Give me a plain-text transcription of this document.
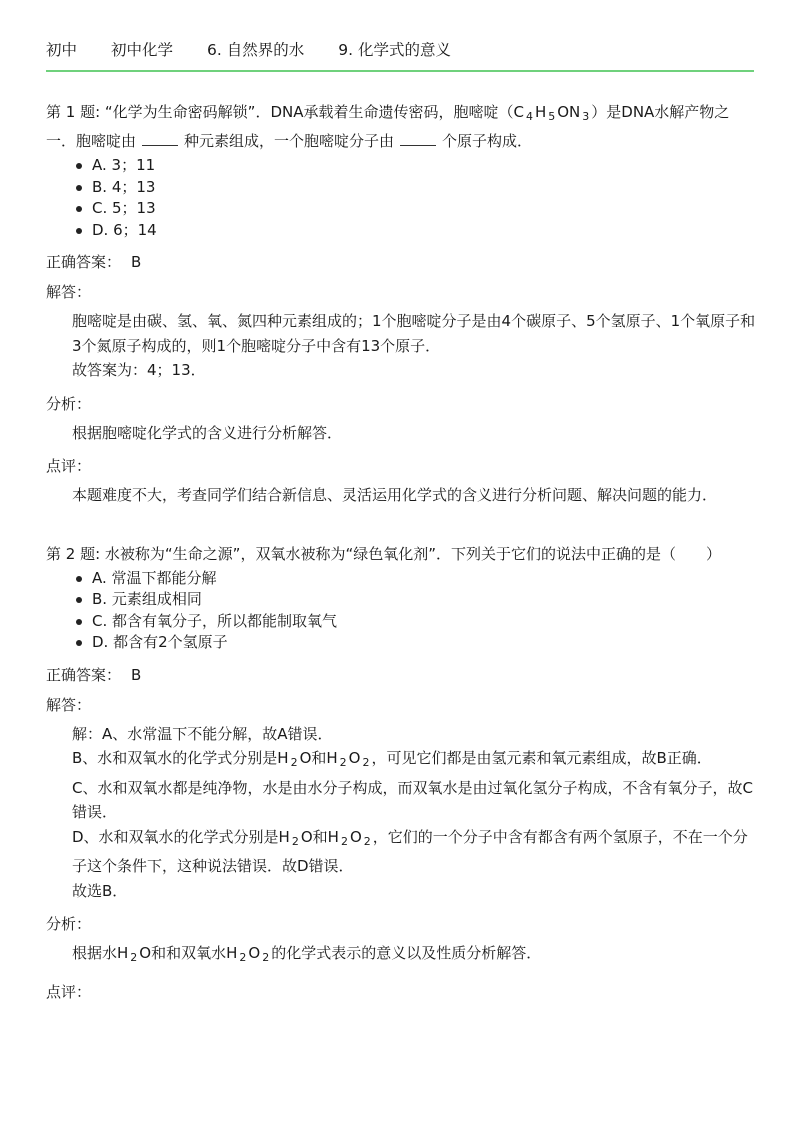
初中 初中化学 6. 自然界的水 9. 化学式的意义
第 1 题: “化学为生命密码解锁”．DNA承载着生命遗传密码，胞嘧啶（C $_4$ H $_5$ ON $_3$ ）是DNA水解产物之一．胞嘧啶由	种元素组成，一个胞嘧啶分子由	个原子构成．
A. 3；11
B. 4；13
C. 5；13
D. 6；14
正确答案： B
解答：

胞嘧啶是由碳、氢、氧、氮四种元素组成的；1个胞嘧啶分子是由4个碳原子、5个氢原子、1个氧原子和3个氮原子构成的，则1个胞嘧啶分子中含有13个原子．

故答案为：4；13．

分析：
根据胞嘧啶化学式的含义进行分析解答．
点评：
本题难度不大，考查同学们结合新信息、灵活运用化学式的含义进行分析问题、解决问题的能力．
第 2 题: 水被称为“生命之源”，双氧水被称为“绿色氧化剂”．下列关于它们的说法中正确的是（　　）
A. 常温下都能分解
B. 元素组成相同
C. 都含有氧分子，所以都能制取氧气
D. 都含有2个氢原子
正确答案： B
解答：

解：A、水常温下不能分解，故A错误．

B、水和双氧水的化学式分别是H $_2$ O和H $_2$ O $_2$ ，可见它们都是由氢元素和氧元素组成，故B正确．

C、水和双氧水都是纯净物，水是由水分子构成，而双氧水是由过氧化氢分子构成，不含有氧分子，故C错误．

D、水和双氧水的化学式分别是H $_2$ O和H $_2$ O $_2$ ，它们的一个分子中含有都含有两个氢原子，不在一个分子这个条件下，这种说法错误．故D错误．

故选B．

分析：
根据水H $_2$ O和和双氧水H $_2$ O $_2$ 的化学式表示的意义以及性质分析解答．
点评：
